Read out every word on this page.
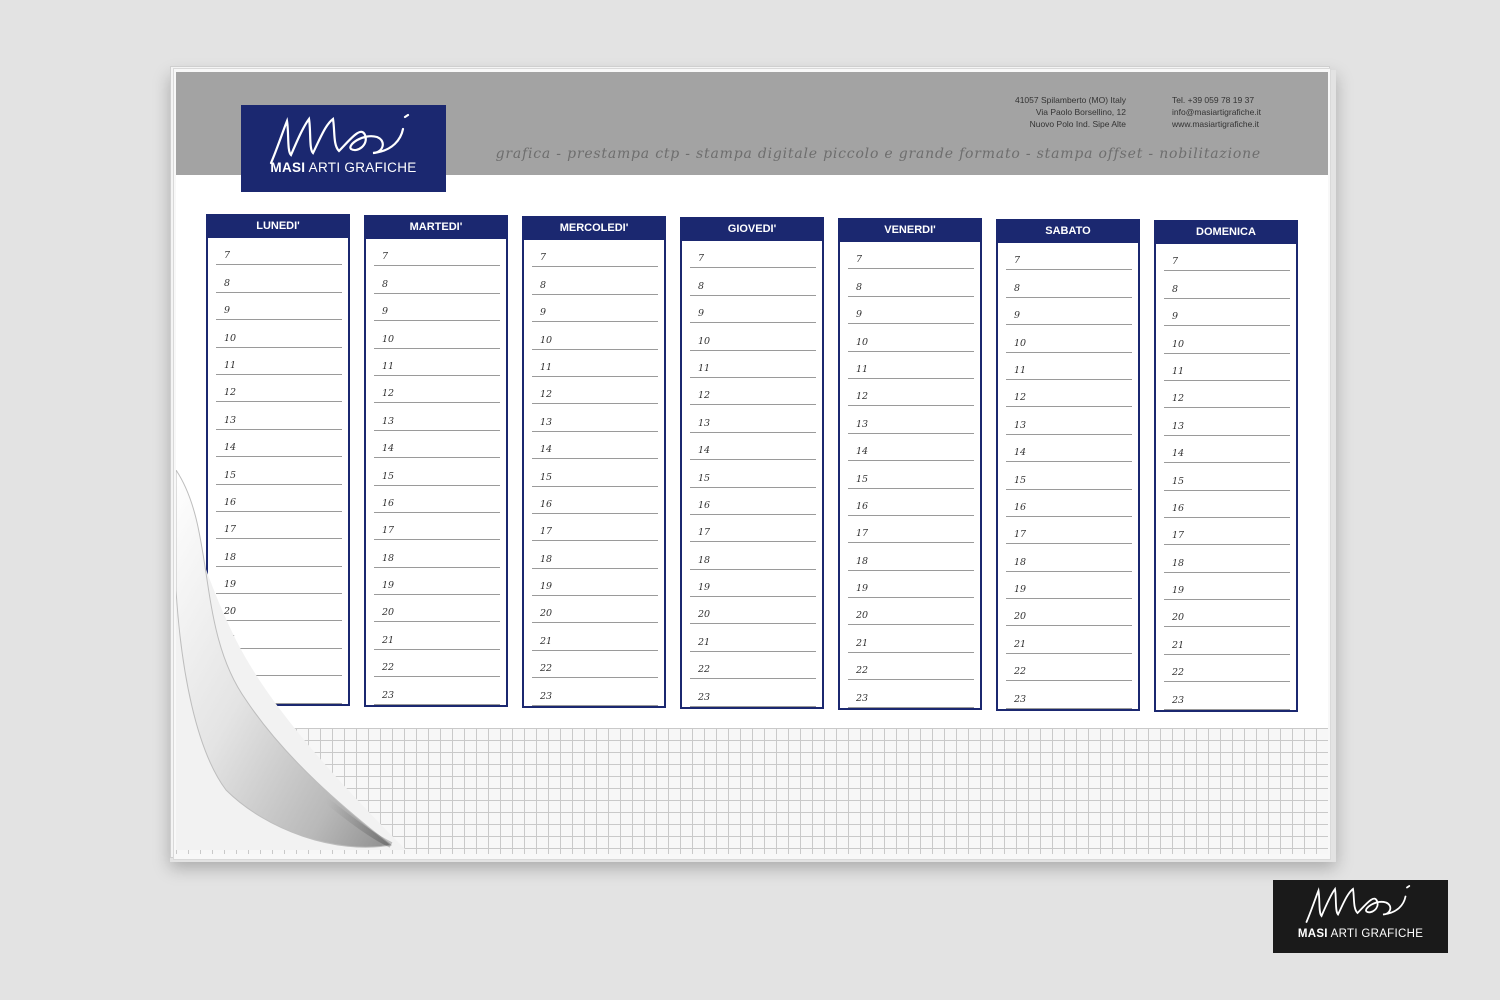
41057 Spilamberto (MO) Italy
Via Paolo Borsellino, 12
Nuovo Polo Ind. Sipe Alte
Tel. +39 059 78 19 37
info@masiartigrafiche.it
www.masiartigrafiche.it
grafica - prestampa ctp - stampa digitale piccolo e grande formato - stampa offset - nobilitazione
MASI ARTI GRAFICHE
LUNEDI'
7
8
9
10
11
12
13
14
15
16
17
18
19
20
MARTEDI'
7
8
9
10
11
12
13
14
15
16
17
18
19
20
21
22
23
MERCOLEDI'
7
8
9
10
11
12
13
14
15
16
17
18
19
20
21
22
23
GIOVEDI'
7
8
9
10
11
12
13
14
15
16
17
18
19
20
21
22
23
VENERDI'
7
8
9
10
11
12
13
14
15
16
17
18
19
20
21
22
23
SABATO
7
8
9
10
11
12
13
14
15
16
17
18
19
20
21
22
23
DOMENICA
7
8
9
10
11
12
13
14
15
16
17
18
19
20
21
22
23
MASI ARTI GRAFICHE
